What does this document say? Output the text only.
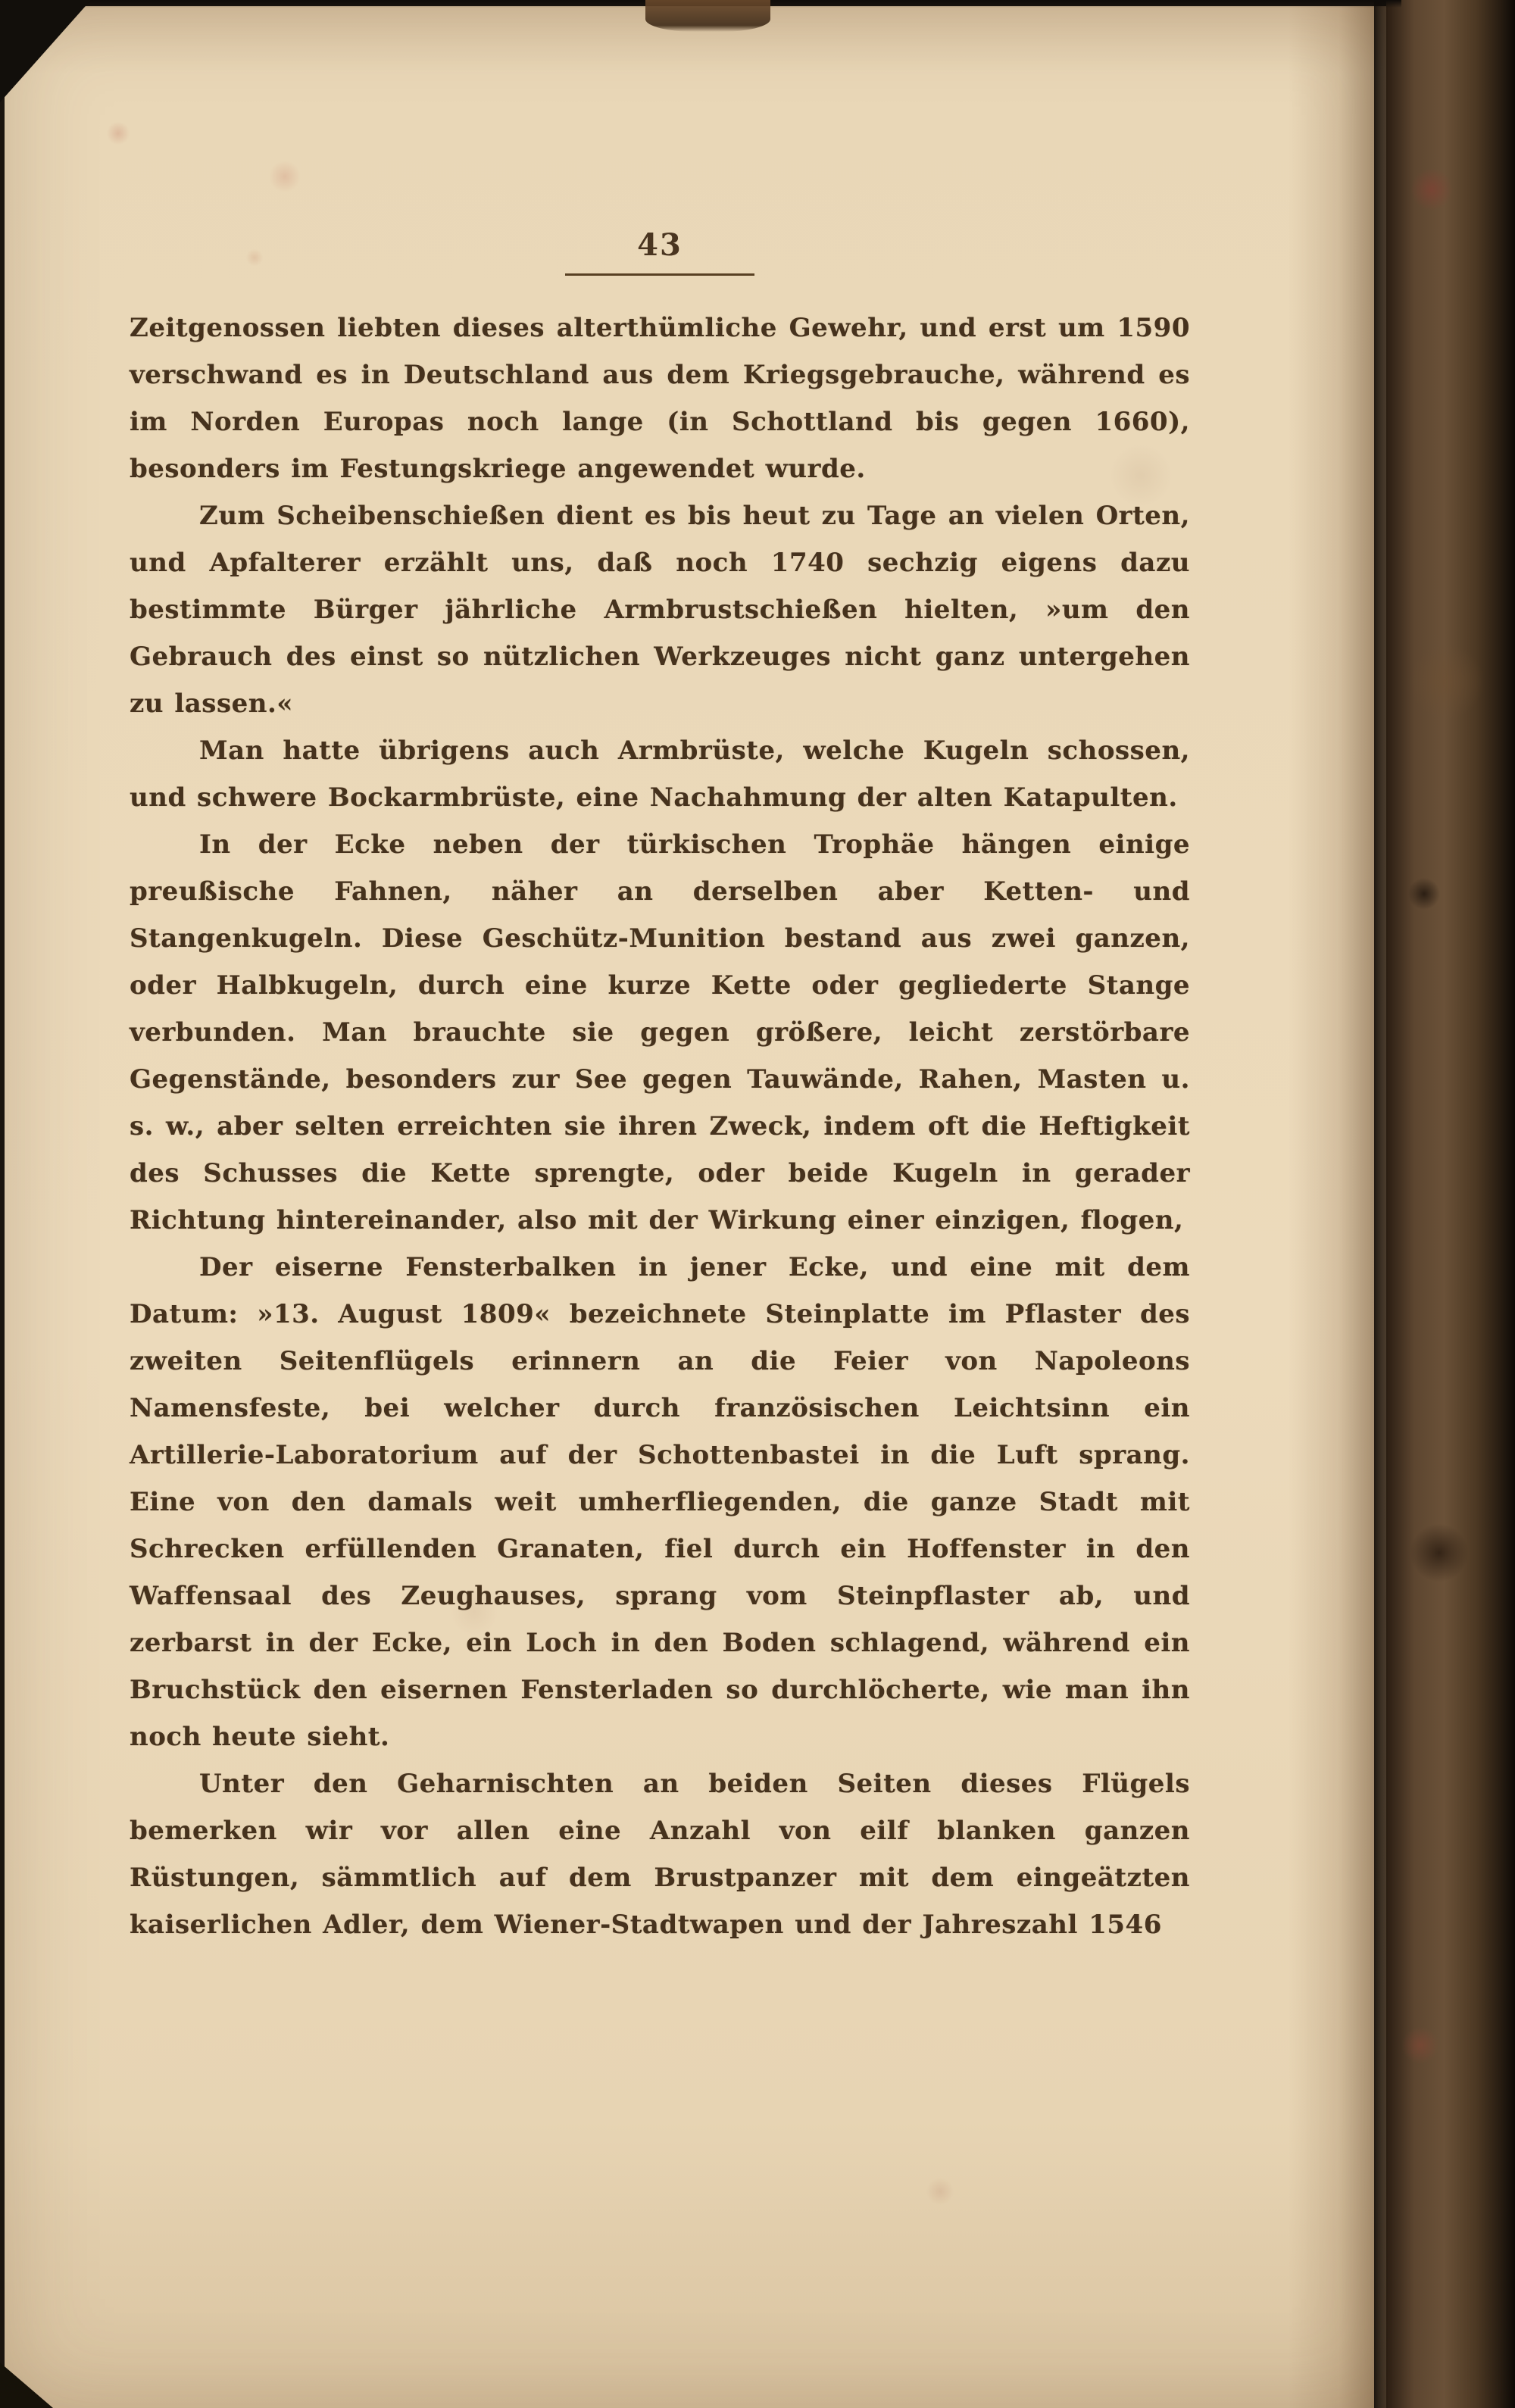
43

Zeitgenossen liebten dieses alterthümliche Gewehr, und erst um 1590 verschwand es in Deutschland aus dem Kriegsgebrauche, während es im Norden Europas noch lange (in Schottland bis gegen 1660), besonders im Festungskriege angewendet wurde.

Zum Scheibenschießen dient es bis heut zu Tage an vielen Orten, und Apfalterer erzählt uns, daß noch 1740 sechzig eigens dazu bestimmte Bürger jährliche Armbrustschießen hielten, »um den Gebrauch des einst so nützlichen Werkzeuges nicht ganz untergehen zu lassen.«

Man hatte übrigens auch Armbrüste, welche Kugeln schossen, und schwere Bockarmbrüste, eine Nachahmung der alten Katapulten.

In der Ecke neben der türkischen Trophäe hängen einige preußische Fahnen, näher an derselben aber Ketten- und Stangenkugeln. Diese Geschütz-Munition bestand aus zwei ganzen, oder Halbkugeln, durch eine kurze Kette oder gegliederte Stange verbunden. Man brauchte sie gegen größere, leicht zerstörbare Gegenstände, besonders zur See gegen Tauwände, Rahen, Masten u. s. w., aber selten erreichten sie ihren Zweck, indem oft die Heftigkeit des Schusses die Kette sprengte, oder beide Kugeln in gerader Richtung hintereinander, also mit der Wirkung einer einzigen, flogen,

Der eiserne Fensterbalken in jener Ecke, und eine mit dem Datum: »13. August 1809« bezeichnete Steinplatte im Pflaster des zweiten Seitenflügels erinnern an die Feier von Napoleons Namensfeste, bei welcher durch französischen Leichtsinn ein Artillerie-Laboratorium auf der Schottenbastei in die Luft sprang. Eine von den damals weit umherfliegenden, die ganze Stadt mit Schrecken erfüllenden Granaten, fiel durch ein Hoffenster in den Waffensaal des Zeughauses, sprang vom Steinpflaster ab, und zerbarst in der Ecke, ein Loch in den Boden schlagend, während ein Bruchstück den eisernen Fensterladen so durchlöcherte, wie man ihn noch heute sieht.

Unter den Geharnischten an beiden Seiten dieses Flügels bemerken wir vor allen eine Anzahl von eilf blanken ganzen Rüstungen, sämmtlich auf dem Brustpanzer mit dem eingeätzten kaiserlichen Adler, dem Wiener-Stadtwapen und der Jahreszahl 1546
